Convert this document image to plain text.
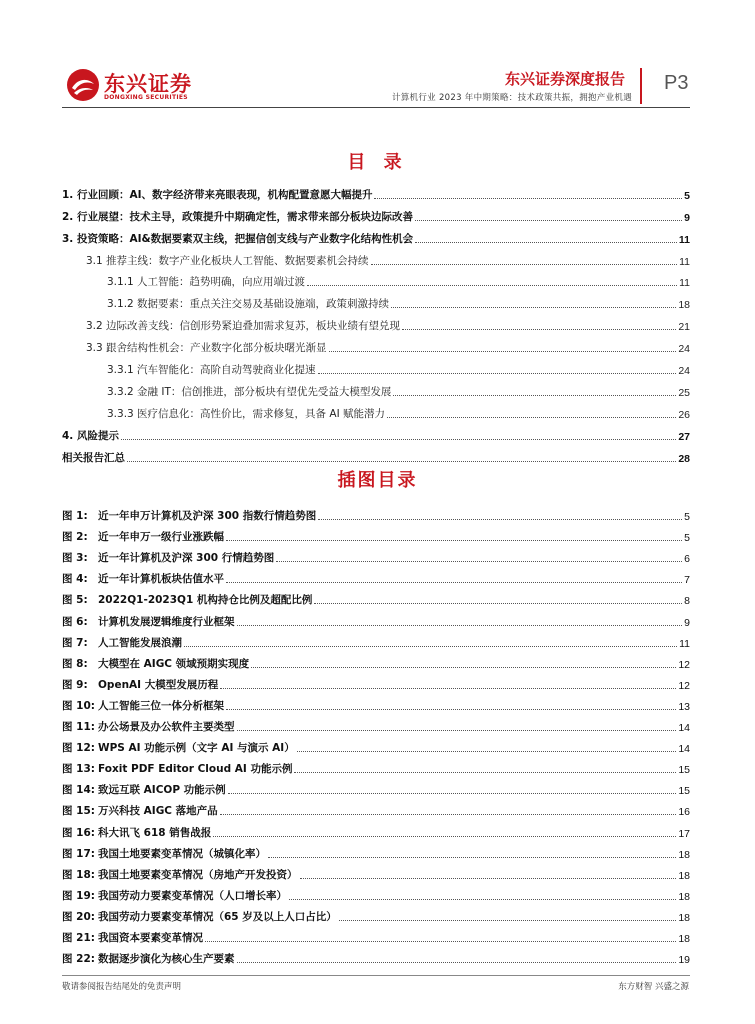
东兴证券
DONGXING SECURITIES
东兴证券深度报告
计算机行业 2023 年中期策略：技术政策共振，拥抱产业机遇
P3
目 录
1. 行业回顾：AI、数字经济带来亮眼表现，机构配置意愿大幅提升	5
2. 行业展望：技术主导，政策提升中期确定性，需求带来部分板块边际改善	9
3. 投资策略：AI&数据要素双主线，把握信创支线与产业数字化结构性机会	11
3.1 推荐主线：数字产业化板块人工智能、数据要素机会持续	11
3.1.1 人工智能：趋势明确，向应用端过渡	11
3.1.2 数据要素：重点关注交易及基础设施端，政策刺激持续	18
3.2 边际改善支线：信创形势紧迫叠加需求复苏，板块业绩有望兑现	21
3.3 跟舍结构性机会：产业数字化部分板块曙光渐显	24
3.3.1 汽车智能化：高阶自动驾驶商业化提速	24
3.3.2 金融 IT：信创推进，部分板块有望优先受益大模型发展	25
3.3.3 医疗信息化：高性价比，需求修复，具备 AI 赋能潜力	26
4. 风险提示	27
相关报告汇总	28
插图目录
图 1: 近一年申万计算机及沪深 300 指数行情趋势图	5
图 2: 近一年申万一级行业涨跌幅	5
图 3: 近一年计算机及沪深 300 行情趋势图	6
图 4: 近一年计算机板块估值水平	7
图 5: 2022Q1-2023Q1 机构持仓比例及超配比例	8
图 6: 计算机发展逻辑维度行业框架	9
图 7: 人工智能发展浪潮	11
图 8: 大模型在 AIGC 领域预期实现度	12
图 9: OpenAI 大模型发展历程	12
图 10: 人工智能三位一体分析框架	13
图 11: 办公场景及办公软件主要类型	14
图 12: WPS AI 功能示例（文字 AI 与演示 AI）	14
图 13: Foxit PDF Editor Cloud AI 功能示例	15
图 14: 致远互联 AICOP 功能示例	15
图 15: 万兴科技 AIGC 落地产品	16
图 16: 科大讯飞 618 销售战报	17
图 17: 我国土地要素变革情况（城镇化率）	18
图 18: 我国土地要素变革情况（房地产开发投资）	18
图 19: 我国劳动力要素变革情况（人口增长率）	18
图 20: 我国劳动力要素变革情况（65 岁及以上人口占比）	18
图 21: 我国资本要素变革情况	18
图 22: 数据逐步演化为核心生产要素	19
敬请参阅报告结尾处的免责声明	东方财智 兴盛之源
